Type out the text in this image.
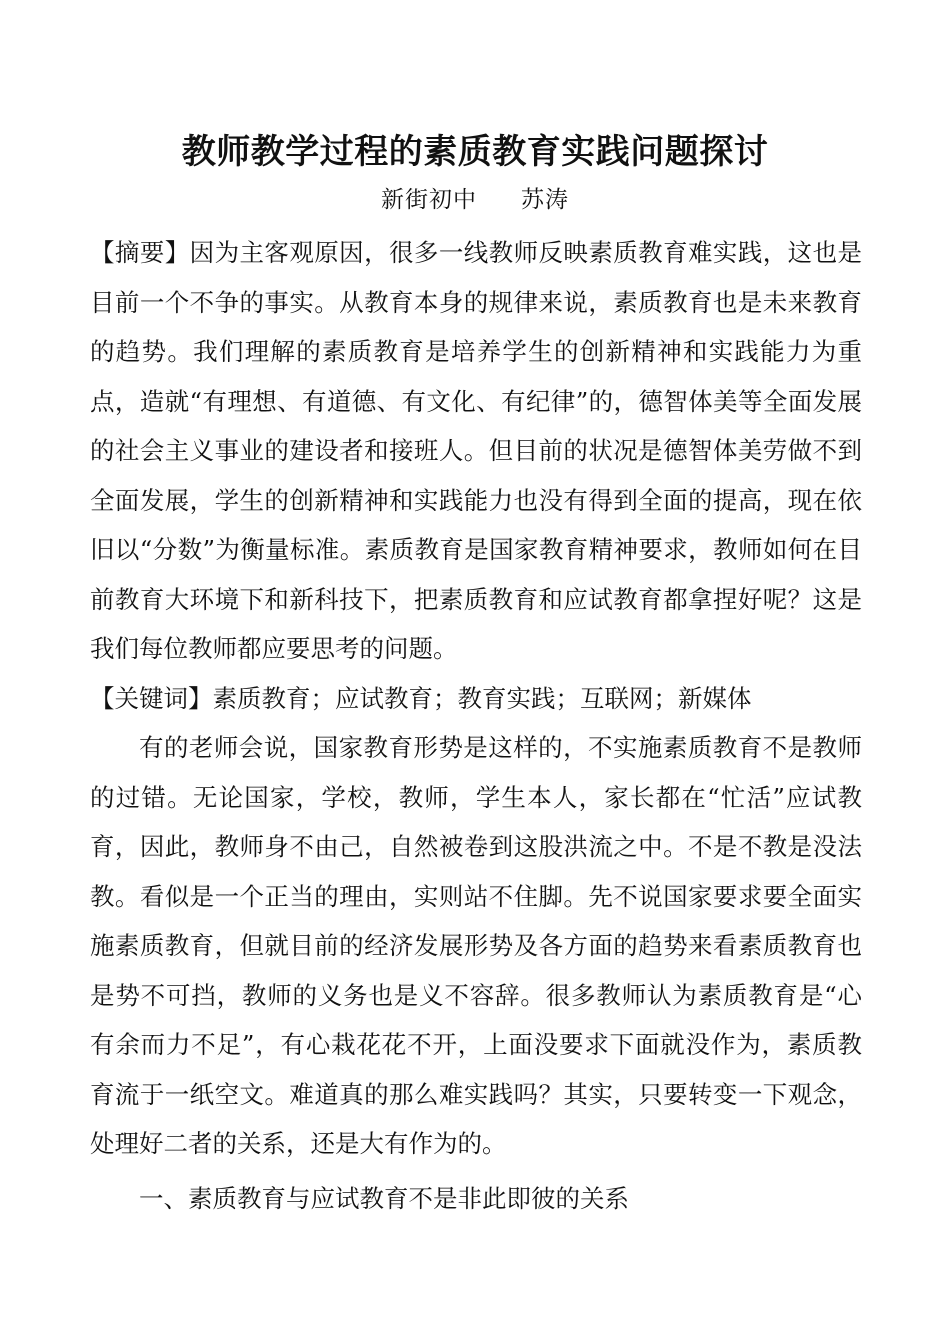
教师教学过程的素质教育实践问题探讨
新街初中 苏涛

【摘要】因为主客观原因，很多一线教师反映素质教育难实践，这也是目前一个不争的事实。从教育本身的规律来说，素质教育也是未来教育的趋势。我们理解的素质教育是培养学生的创新精神和实践能力为重点，造就“有理想、有道德、有文化、有纪律”的，德智体美等全面发展的社会主义事业的建设者和接班人。但目前的状况是德智体美劳做不到全面发展，学生的创新精神和实践能力也没有得到全面的提高，现在依旧以“分数”为衡量标准。素质教育是国家教育精神要求，教师如何在目前教育大环境下和新科技下，把素质教育和应试教育都拿捏好呢？这是我们每位教师都应要思考的问题。

【关键词】素质教育；应试教育；教育实践；互联网；新媒体

有的老师会说，国家教育形势是这样的，不实施素质教育不是教师的过错。无论国家，学校，教师，学生本人，家长都在“忙活”应试教育，因此，教师身不由己，自然被卷到这股洪流之中。不是不教是没法教。看似是一个正当的理由，实则站不住脚。先不说国家要求要全面实施素质教育，但就目前的经济发展形势及各方面的趋势来看素质教育也是势不可挡，教师的义务也是义不容辞。很多教师认为素质教育是“心有余而力不足”，有心栽花花不开，上面没要求下面就没作为，素质教育流于一纸空文。难道真的那么难实践吗？其实，只要转变一下观念，处理好二者的关系，还是大有作为的。

一、素质教育与应试教育不是非此即彼的关系
